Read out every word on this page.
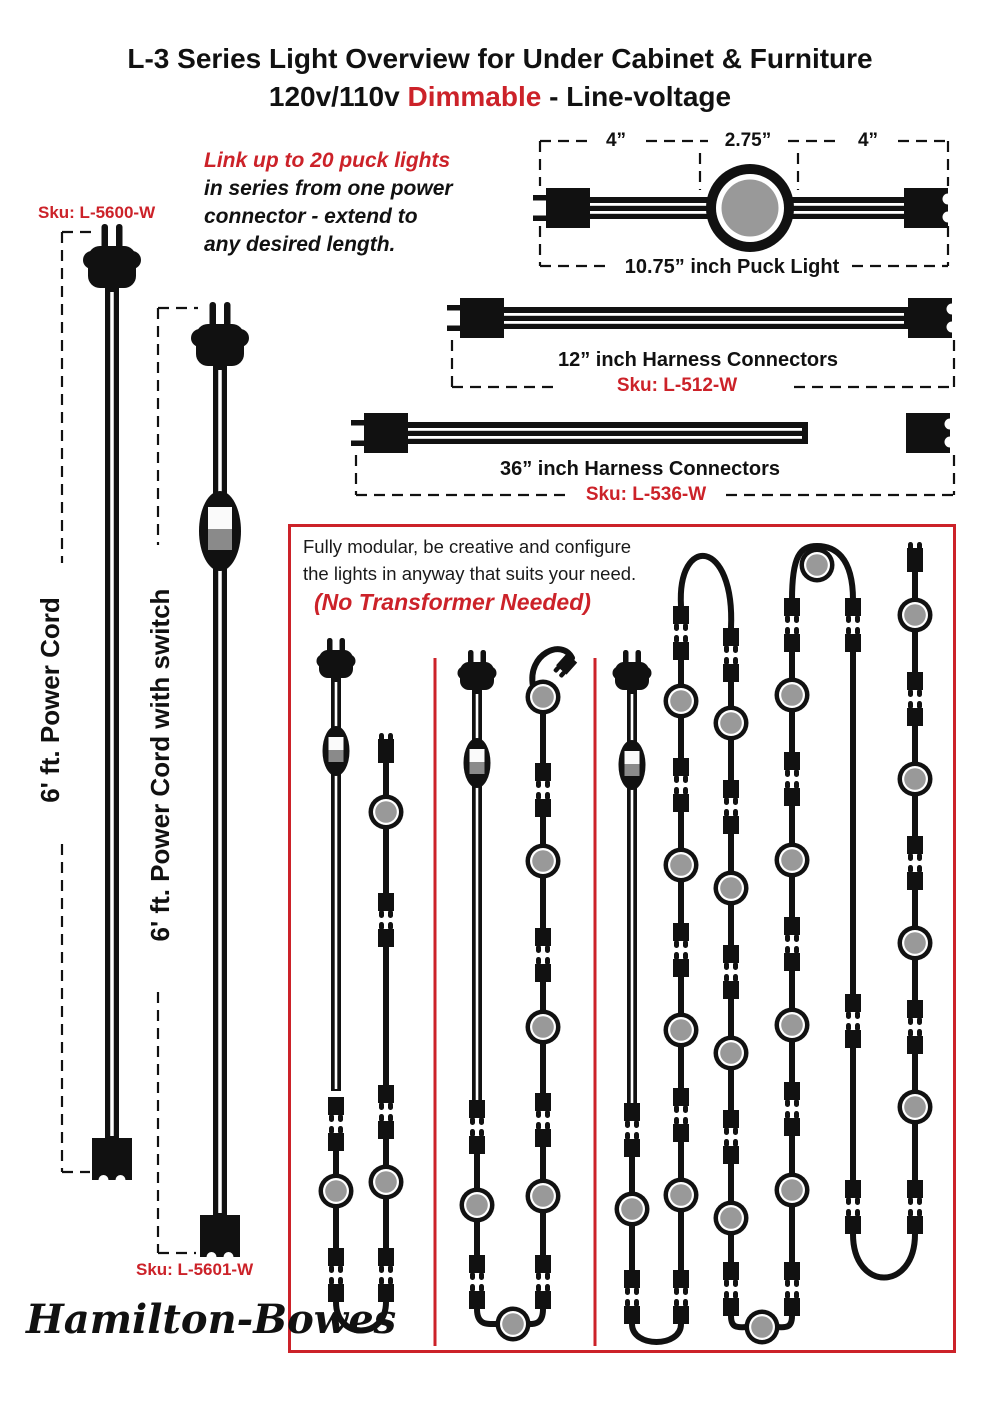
L-3 Series Light Overview for Under Cabinet & Furniture
120v/110v Dimmable - Line-voltage
Link up to 20 puck lights
in series from one power
connector - extend to
any desired length.
Sku: L-5600-W
Sku: L-5601-W
6' ft. Power Cord	6' ft. Power Cord with switch
4”	2.75”	4”
10.75” inch Puck Light
12” inch Harness Connectors
Sku: L-512-W
36” inch Harness Connectors
Sku: L-536-W
Fully modular, be creative and configure
the lights in anyway that suits your need.
(No Transformer Needed)
Hamilton-Bowes
